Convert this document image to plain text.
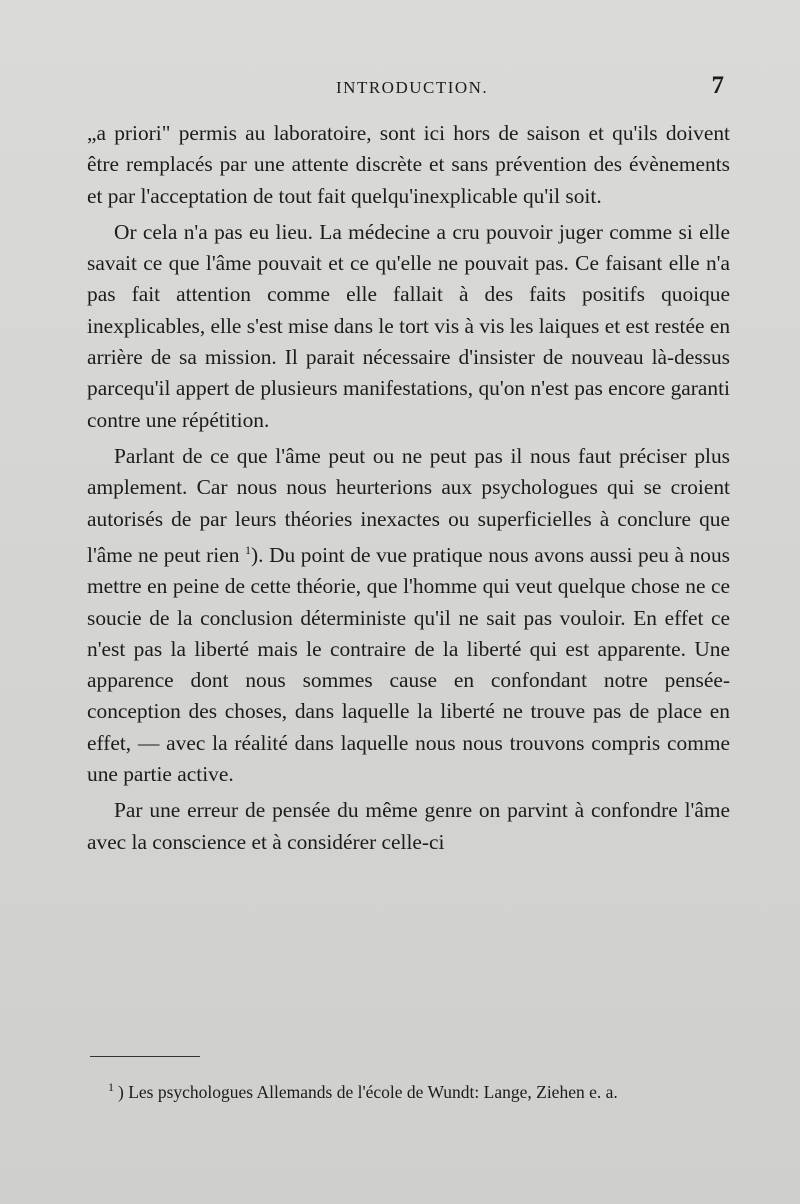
INTRODUCTION.	7

„a priori" permis au laboratoire, sont ici hors de saison et qu'ils doivent être remplacés par une attente discrète et sans prévention des évènements et par l'acceptation de tout fait quelqu'inexplicable qu'il soit.

Or cela n'a pas eu lieu. La médecine a cru pouvoir juger comme si elle savait ce que l'âme pouvait et ce qu'elle ne pouvait pas. Ce faisant elle n'a pas fait attention comme elle fallait à des faits positifs quoique inexplicables, elle s'est mise dans le tort vis à vis les laiques et est restée en arrière de sa mission. Il parait nécessaire d'insister de nouveau là-dessus parcequ'il appert de plusieurs manifestations, qu'on n'est pas encore garanti contre une répétition.

Parlant de ce que l'âme peut ou ne peut pas il nous faut préciser plus amplement. Car nous nous heurterions aux psychologues qui se croient autorisés de par leurs théories inexactes ou superficielles à conclure que l'âme ne peut rien $^1$). Du point de vue pratique nous avons aussi peu à nous mettre en peine de cette théorie, que l'homme qui veut quelque chose ne ce soucie de la conclusion déterministe qu'il ne sait pas vouloir. En effet ce n'est pas la liberté mais le contraire de la liberté qui est apparente. Une apparence dont nous sommes cause en confondant notre pensée-conception des choses, dans laquelle la liberté ne trouve pas de place en effet, — avec la réalité dans laquelle nous nous trouvons compris comme une partie active.

Par une erreur de pensée du même genre on parvint à confondre l'âme avec la conscience et à considérer celle-ci

$^1$ ) Les psychologues Allemands de l'école de Wundt: Lange, Ziehen e. a.
